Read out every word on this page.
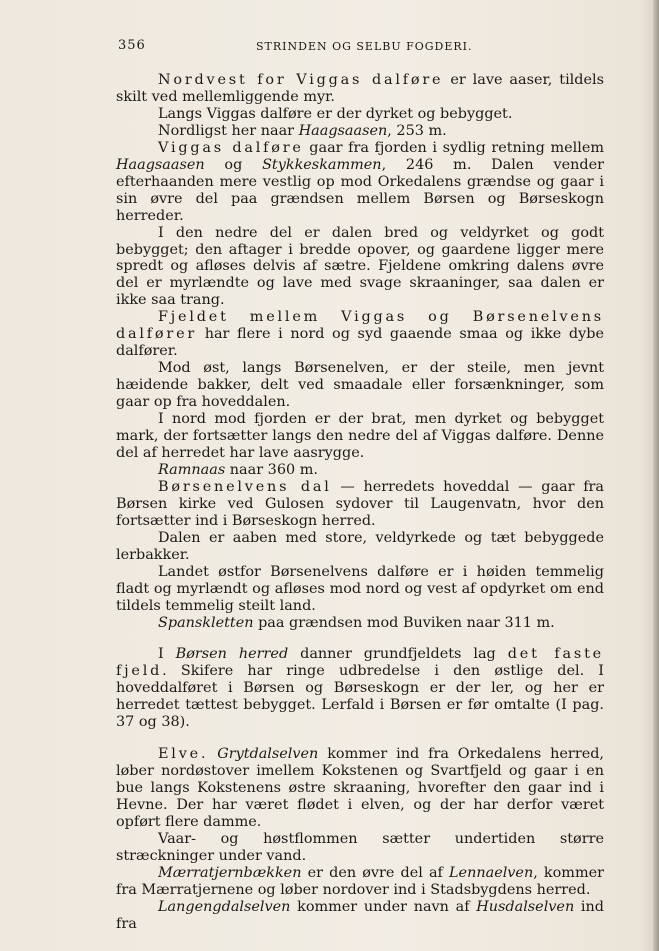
356	STRINDEN OG SELBU FOGDERI.

Nordvest for Viggas dalføre er lave aaser, tildels skilt ved mellemliggende myr.

Langs Viggas dalføre er der dyrket og bebygget.

Nordligst her naar Haagsaasen, 253 m.

Viggas dalføre gaar fra fjorden i sydlig retning mellem Haagsaasen og Stykkeskammen, 246 m. Dalen vender efterhaanden mere vestlig op mod Orkedalens grændse og gaar i sin øvre del paa grændsen mellem Børsen og Børseskogn herreder.

I den nedre del er dalen bred og veldyrket og godt bebygget; den aftager i bredde opover, og gaardene ligger mere spredt og afløses delvis af sætre. Fjeldene omkring dalens øvre del er myrlændte og lave med svage skraaninger, saa dalen er ikke saa trang.

Fjeldet mellem Viggas og Børsenelvens dalfører har flere i nord og syd gaaende smaa og ikke dybe dalfører.

Mod øst, langs Børsenelven, er der steile, men jevnt hæidende bakker, delt ved smaadale eller forsænkninger, som gaar op fra hoveddalen.

I nord mod fjorden er der brat, men dyrket og bebygget mark, der fortsætter langs den nedre del af Viggas dalføre. Denne del af herredet har lave aasrygge.

Ramnaas naar 360 m.

Børsenelvens dal — herredets hoveddal — gaar fra Børsen kirke ved Gulosen sydover til Laugenvatn, hvor den fortsætter ind i Børseskogn herred.

Dalen er aaben med store, veldyrkede og tæt bebyggede lerbakker.

Landet østfor Børsenelvens dalføre er i høiden temmelig fladt og myrlændt og afløses mod nord og vest af opdyrket om end tildels temmelig steilt land.

Spanskletten paa grændsen mod Buviken naar 311 m.

I Børsen herred danner grundfjeldets lag det faste fjeld. Skifere har ringe udbredelse i den østlige del. I hoveddalføret i Børsen og Børseskogn er der ler, og her er herredet tættest bebygget. Lerfald i Børsen er før omtalte (I pag. 37 og 38).

Elve. Grytdalselven kommer ind fra Orkedalens herred, løber nordøstover imellem Kokstenen og Svartfjeld og gaar i en bue langs Kokstenens østre skraaning, hvorefter den gaar ind i Hevne. Der har været flødet i elven, og der har derfor været opført flere damme.

Vaar- og høstflommen sætter undertiden større stræckninger under vand.

Mærratjernbækken er den øvre del af Lennaelven, kommer fra Mærratjernene og løber nordover ind i Stadsbygdens herred.

Langengdalselven kommer under navn af Husdalselven ind fra
